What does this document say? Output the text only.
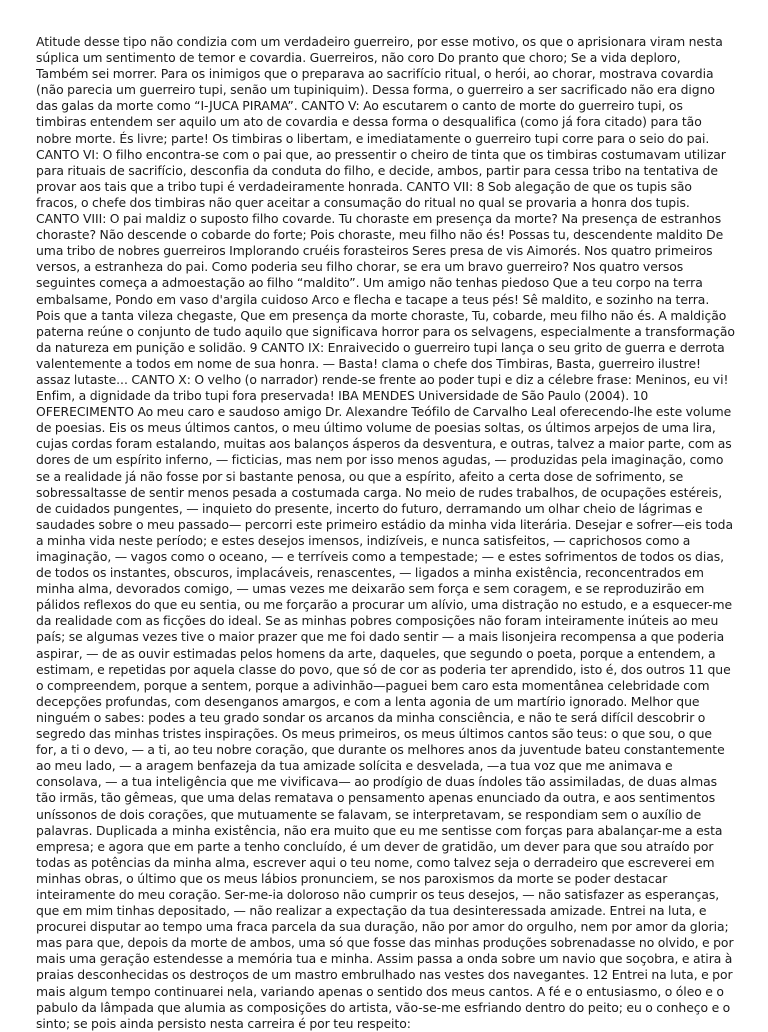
Atitude desse tipo não condizia com um verdadeiro guerreiro, por esse motivo, os que o aprisionara viram nesta súplica um sentimento de temor e covardia. Guerreiros, não coro Do pranto que choro; Se a vida deploro, Também sei morrer. Para os inimigos que o preparava ao sacrifício ritual, o herói, ao chorar, mostrava covardia (não parecia um guerreiro tupi, senão um tupiniquim). Dessa forma, o guerreiro a ser sacrificado não era digno das galas da morte como “I-JUCA PIRAMA”. CANTO V: Ao escutarem o canto de morte do guerreiro tupi, os timbiras entendem ser aquilo um ato de covardia e dessa forma o desqualifica (como já fora citado) para tão nobre morte. És livre; parte! Os timbiras o libertam, e imediatamente o guerreiro tupi corre para o seio do pai. CANTO VI: O filho encontra-se com o pai que, ao pressentir o cheiro de tinta que os timbiras costumavam utilizar para rituais de sacrifício, desconfia da conduta do filho, e decide, ambos, partir para cessa tribo na tentativa de provar aos tais que a tribo tupi é verdadeiramente honrada. CANTO VII: 8 Sob alegação de que os tupis são fracos, o chefe dos timbiras não quer aceitar a consumação do ritual no qual se provaria a honra dos tupis. CANTO VIII: O pai maldiz o suposto filho covarde. Tu choraste em presença da morte? Na presença de estranhos choraste? Não descende o cobarde do forte; Pois choraste, meu filho não és! Possas tu, descendente maldito De uma tribo de nobres guerreiros Implorando cruéis forasteiros Seres presa de vis Aimorés. Nos quatro primeiros versos, a estranheza do pai. Como poderia seu filho chorar, se era um bravo guerreiro? Nos quatro versos seguintes começa a admoestação ao filho “maldito”. Um amigo não tenhas piedoso Que a teu corpo na terra embalsame, Pondo em vaso d'argila cuidoso Arco e flecha e tacape a teus pés! Sê maldito, e sozinho na terra. Pois que a tanta vileza chegaste, Que em presença da morte choraste, Tu, cobarde, meu filho não és. A maldição paterna reúne o conjunto de tudo aquilo que significava horror para os selvagens, especialmente a transformação da natureza em punição e solidão. 9 CANTO IX: Enraivecido o guerreiro tupi lança o seu grito de guerra e derrota valentemente a todos em nome de sua honra. — Basta! clama o chefe dos Timbiras, Basta, guerreiro ilustre! assaz lutaste... CANTO X: O velho (o narrador) rende-se frente ao poder tupi e diz a célebre frase: Meninos, eu vi! Enfim, a dignidade da tribo tupi fora preservada! IBA MENDES Universidade de São Paulo (2004). 10 OFERECIMENTO Ao meu caro e saudoso amigo Dr. Alexandre Teófilo de Carvalho Leal oferecendo-lhe este volume de poesias. Eis os meus últimos cantos, o meu último volume de poesias soltas, os últimos arpejos de uma lira, cujas cordas foram estalando, muitas aos balanços ásperos da desventura, e outras, talvez a maior parte, com as dores de um espírito inferno, — ficticias, mas nem por isso menos agudas, — produzidas pela imaginação, como se a realidade já não fosse por si bastante penosa, ou que a espírito, afeito a certa dose de sofrimento, se sobressaltasse de sentir menos pesada a costumada carga. No meio de rudes trabalhos, de ocupações estéreis, de cuidados pungentes, — inquieto do presente, incerto do futuro, derramando um olhar cheio de lágrimas e saudades sobre o meu passado— percorri este primeiro estádio da minha vida literária. Desejar e sofrer—eis toda a minha vida neste período; e estes desejos imensos, indizíveis, e nunca satisfeitos, — caprichosos como a imaginação, — vagos como o oceano, — e terríveis como a tempestade; — e estes sofrimentos de todos os dias, de todos os instantes, obscuros, implacáveis, renascentes, — ligados a minha existência, reconcentrados em minha alma, devorados comigo, — umas vezes me deixarão sem força e sem coragem, e se reproduzirão em pálidos reflexos do que eu sentia, ou me forçarão a procurar um alívio, uma distração no estudo, e a esquecer-me da realidade com as ficções do ideal. Se as minhas pobres composições não foram inteiramente inúteis ao meu país; se algumas vezes tive o maior prazer que me foi dado sentir — a mais lisonjeira recompensa a que poderia aspirar, — de as ouvir estimadas pelos homens da arte, daqueles, que segundo o poeta, porque a entendem, a estimam, e repetidas por aquela classe do povo, que só de cor as poderia ter aprendido, isto é, dos outros 11 que o compreendem, porque a sentem, porque a adivinhão—paguei bem caro esta momentânea celebridade com decepções profundas, com desenganos amargos, e com a lenta agonia de um martírio ignorado. Melhor que ninguém o sabes: podes a teu grado sondar os arcanos da minha consciência, e não te será difícil descobrir o segredo das minhas tristes inspirações. Os meus primeiros, os meus últimos cantos são teus: o que sou, o que for, a ti o devo, — a ti, ao teu nobre coração, que durante os melhores anos da juventude bateu constantemente ao meu lado, — a aragem benfazeja da tua amizade solícita e desvelada, —a tua voz que me animava e consolava, — a tua inteligência que me vivificava— ao prodígio de duas índoles tão assimiladas, de duas almas tão irmãs, tão gêmeas, que uma delas rematava o pensamento apenas enunciado da outra, e aos sentimentos uníssonos de dois corações, que mutuamente se falavam, se interpretavam, se respondiam sem o auxílio de palavras. Duplicada a minha existência, não era muito que eu me sentisse com forças para abalançar-me a esta empresa; e agora que em parte a tenho concluído, é um dever de gratidão, um dever para que sou atraído por todas as potências da minha alma, escrever aqui o teu nome, como talvez seja o derradeiro que escreverei em minhas obras, o último que os meus lábios pronunciem, se nos paroxismos da morte se poder destacar inteiramente do meu coração. Ser-me-ia doloroso não cumprir os teus desejos, — não satisfazer as esperanças, que em mim tinhas depositado, — não realizar a expectação da tua desinteressada amizade. Entrei na luta, e procurei disputar ao tempo uma fraca parcela da sua duração, não por amor do orgulho, nem por amor da gloria; mas para que, depois da morte de ambos, uma só que fosse das minhas produções sobrenadasse no olvido, e por mais uma geração estendesse a memória tua e minha. Assim passa a onda sobre um navio que soçobra, e atira à praias desconhecidas os destroços de um mastro embrulhado nas vestes dos navegantes. 12 Entrei na luta, e por mais algum tempo continuarei nela, variando apenas o sentido dos meus cantos. A fé e o entusiasmo, o óleo e o pabulo da lâmpada que alumia as composições do artista, vão-se-me esfriando dentro do peito; eu o conheço e o sinto; se pois ainda persisto nesta carreira é por teu respeito:
